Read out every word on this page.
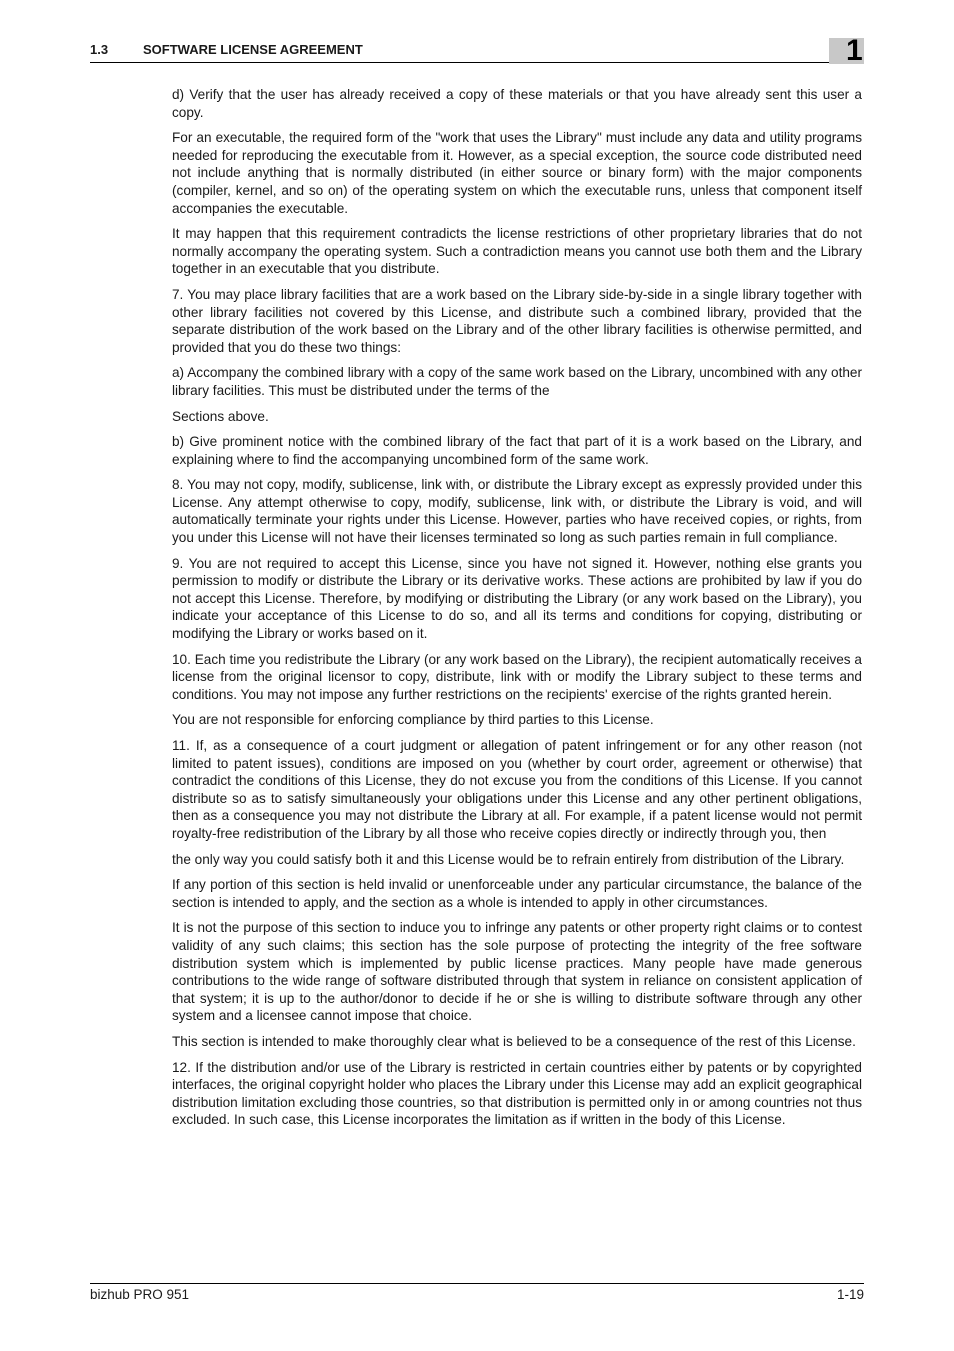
1.3	SOFTWARE LICENSE AGREEMENT	1

d) Verify that the user has already received a copy of these materials or that you have already sent this user a copy.

For an executable, the required form of the "work that uses the Library" must include any data and utility programs needed for reproducing the executable from it. However, as a special exception, the source code distributed need not include anything that is normally distributed (in either source or binary form) with the major components (compiler, kernel, and so on) of the operating system on which the executable runs, unless that component itself accompanies the executable.

It may happen that this requirement contradicts the license restrictions of other proprietary libraries that do not normally accompany the operating system. Such a contradiction means you cannot use both them and the Library together in an executable that you distribute.

7. You may place library facilities that are a work based on the Library side-by-side in a single library together with other library facilities not covered by this License, and distribute such a combined library, provided that the separate distribution of the work based on the Library and of the other library facilities is otherwise permitted, and provided that you do these two things:

a) Accompany the combined library with a copy of the same work based on the Library, uncombined with any other library facilities. This must be distributed under the terms of the

Sections above.

b) Give prominent notice with the combined library of the fact that part of it is a work based on the Library, and explaining where to find the accompanying uncombined form of the same work.

8. You may not copy, modify, sublicense, link with, or distribute the Library except as expressly provided under this License. Any attempt otherwise to copy, modify, sublicense, link with, or distribute the Library is void, and will automatically terminate your rights under this License. However, parties who have received copies, or rights, from you under this License will not have their licenses terminated so long as such parties remain in full compliance.

9. You are not required to accept this License, since you have not signed it. However, nothing else grants you permission to modify or distribute the Library or its derivative works. These actions are prohibited by law if you do not accept this License. Therefore, by modifying or distributing the Library (or any work based on the Library), you indicate your acceptance of this License to do so, and all its terms and conditions for copying, distributing or modifying the Library or works based on it.

10. Each time you redistribute the Library (or any work based on the Library), the recipient automatically receives a license from the original licensor to copy, distribute, link with or modify the Library subject to these terms and conditions. You may not impose any further restrictions on the recipients' exercise of the rights granted herein.

You are not responsible for enforcing compliance by third parties to this License.

11. If, as a consequence of a court judgment or allegation of patent infringement or for any other reason (not limited to patent issues), conditions are imposed on you (whether by court order, agreement or otherwise) that contradict the conditions of this License, they do not excuse you from the conditions of this License. If you cannot distribute so as to satisfy simultaneously your obligations under this License and any other pertinent obligations, then as a consequence you may not distribute the Library at all. For example, if a patent license would not permit royalty-free redistribution of the Library by all those who receive copies directly or indirectly through you, then

the only way you could satisfy both it and this License would be to refrain entirely from distribution of the Library.

If any portion of this section is held invalid or unenforceable under any particular circumstance, the balance of the section is intended to apply, and the section as a whole is intended to apply in other circumstances.

It is not the purpose of this section to induce you to infringe any patents or other property right claims or to contest validity of any such claims; this section has the sole purpose of protecting the integrity of the free software distribution system which is implemented by public license practices. Many people have made generous contributions to the wide range of software distributed through that system in reliance on consistent application of that system; it is up to the author/donor to decide if he or she is willing to distribute software through any other system and a licensee cannot impose that choice.

This section is intended to make thoroughly clear what is believed to be a consequence of the rest of this License.

12. If the distribution and/or use of the Library is restricted in certain countries either by patents or by copyrighted interfaces, the original copyright holder who places the Library under this License may add an explicit geographical distribution limitation excluding those countries, so that distribution is permitted only in or among countries not thus excluded. In such case, this License incorporates the limitation as if written in the body of this License.

bizhub PRO 951	1-19
